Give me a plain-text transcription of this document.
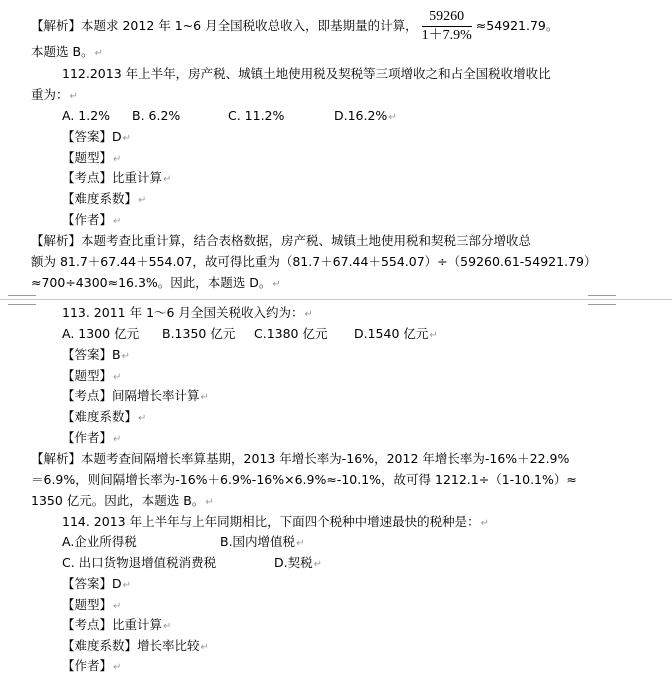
【解析】本题求 2012 年 1~6 月全国税收总收入，即基期量的计算， $\frac{59260}{1+7.9\%} \approx 54921.79$。
本题选 B。↵
112.2013 年上半年，房产税、城镇土地使用税及契税等三项增收之和占全国税收增收比
重为：↵
A. 1.2% B. 6.2%	C. 11.2%	D.16.2%↵
【答案】D↵
【题型】↵
【考点】比重计算↵
【难度系数】↵
【作者】↵
【解析】本题考查比重计算，结合表格数据，房产税、城镇土地使用税和契税三部分增收总
额为 81.7＋67.44＋554.07，故可得比重为（81.7＋67.44＋554.07）÷（59260.61-54921.79）
≈700÷4300≈16.3%。因此，本题选 D。↵
113. 2011 年 1～6 月全国关税收入约为：↵
A. 1300 亿元 B.1350 亿元 C.1380 亿元 D.1540 亿元↵
【答案】B↵
【题型】↵
【考点】间隔增长率计算↵
【难度系数】↵
【作者】↵
【解析】本题考查间隔增长率算基期，2013 年增长率为-16%，2012 年增长率为-16%＋22.9%
＝6.9%，则间隔增长率为-16%＋6.9%-16%×6.9%≈-10.1%，故可得 1212.1÷（1-10.1%）≈
1350 亿元。因此，本题选 B。↵
114. 2013 年上半年与上年同期相比，下面四个税种中增速最快的税种是：↵
A.企业所得税	B.国内增值税↵
C. 出口货物退增值税消费税	D.契税↵
【答案】D↵
【题型】↵
【考点】比重计算↵
【难度系数】增长率比较↵
【作者】↵
